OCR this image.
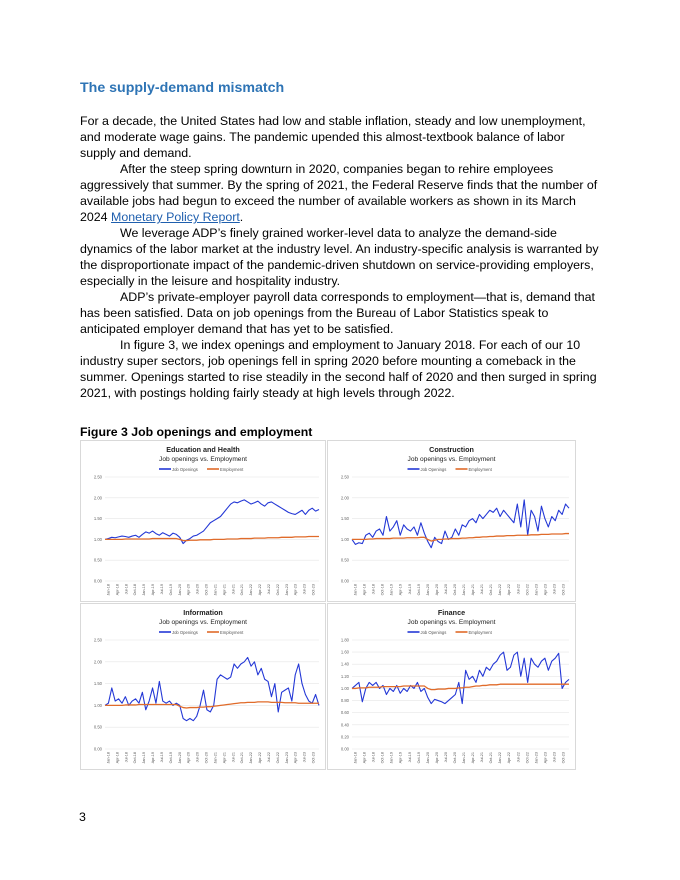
The supply-demand mismatch

For a decade, the United States had low and stable inflation, steady and low unemployment, and moderate wage gains. The pandemic upended this almost-textbook balance of labor supply and demand.

After the steep spring downturn in 2020, companies began to rehire employees aggressively that summer. By the spring of 2021, the Federal Reserve finds that the number of available jobs had begun to exceed the number of available workers as shown in its March 2024 Monetary Policy Report.

We leverage ADP’s finely grained worker-level data to analyze the demand-side dynamics of the labor market at the industry level. An industry-specific analysis is warranted by the disproportionate impact of the pandemic-driven shutdown on service-providing employers, especially in the leisure and hospitality industry.

ADP’s private-employer payroll data corresponds to employment—that is, demand that has been satisfied. Data on job openings from the Bureau of Labor Statistics speak to anticipated employer demand that has yet to be satisfied.

In figure 3, we index openings and employment to January 2018. For each of our 10 industry super sectors, job openings fell in spring 2020 before mounting a comeback in the summer. Openings started to rise steadily in the second half of 2020 and then surged in spring 2021, with postings holding fairly steady at high levels through 2022.

Figure 3 Job openings and employment
Education and Health
Job openings vs. Employment
Job Openings	Employment
0.00
0.50
1.00
1.50
2.00
2.50
Jan-18 Apr-18 Jul-18 Oct-18 Jan-19 Apr-19 Jul-19 Oct-19 Jan-20 Apr-20 Jul-20 Oct-20 Jan-21 Apr-21 Jul-21 Oct-21 Jan-22 Apr-22 Jul-22 Oct-22 Jan-23 Apr-23 Jul-23 Oct-23
Construction
Job openings vs. Employment
Job Openings	Employment
0.00
0.50
1.00
1.50
2.00
2.50
Jan-18 Apr-18 Jul-18 Oct-18 Jan-19 Apr-19 Jul-19 Oct-19 Jan-20 Apr-20 Jul-20 Oct-20 Jan-21 Apr-21 Jul-21 Oct-21 Jan-22 Apr-22 Jul-22 Oct-22 Jan-23 Apr-23 Jul-23 Oct-23
Information
Job openings vs. Employment
Job Openings	Employment
0.00
0.50
1.00
1.50
2.00
2.50
Jan-18 Apr-18 Jul-18 Oct-18 Jan-19 Apr-19 Jul-19 Oct-19 Jan-20 Apr-20 Jul-20 Oct-20 Jan-21 Apr-21 Jul-21 Oct-21 Jan-22 Apr-22 Jul-22 Oct-22 Jan-23 Apr-23 Jul-23 Oct-23
Finance
Job openings vs. Employment
Job Openings	Employment
0.00
0.20
0.40
0.60
0.80
1.00
1.20
1.40
1.60
1.80
Jan-18 Apr-18 Jul-18 Oct-18 Jan-19 Apr-19 Jul-19 Oct-19 Jan-20 Apr-20 Jul-20 Oct-20 Jan-21 Apr-21 Jul-21 Oct-21 Jan-22 Apr-22 Jul-22 Oct-22 Jan-23 Apr-23 Jul-23 Oct-23
3
